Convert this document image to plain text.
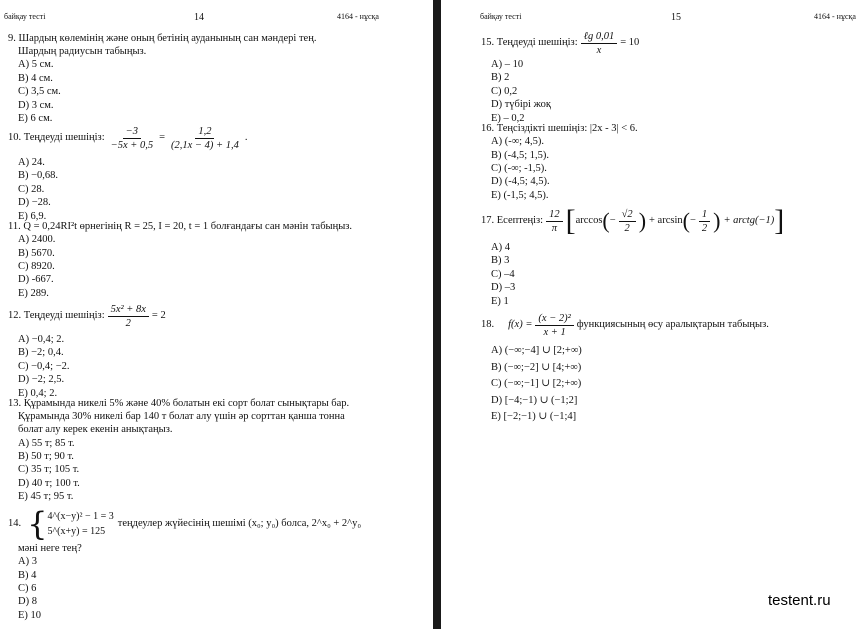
байқау тесті	14	4164 - нұсқа
9. Шардың көлемінің және оның бетінің ауданының сан мәндері тең.
Шардың радиусын табыңыз.
A) 5 см.
B) 4 см.
C) 3,5 см.
D) 3 см.
E) 6 см.
10. Теңдеуді шешіңіз: $\frac{-3}{-5x + 0,5} = \frac{1,2}{(2,1x - 4) + 1,4}$ .
A) 24.
B) −0,68.
C) 28.
D) −28.
E) 6,9.
11. Q = 0,24RI²t өрнегінің R = 25, I = 20, t = 1 болғандағы сан мәнін табыңыз.
A) 2400.
B) 5670.
C) 8920.
D) -667.
E) 289.
12. Теңдеуді шешіңіз: $\frac{\text{5x² + 8x}}{2} = 2$
A) −0,4; 2.
B) −2; 0,4.
C) −0,4; −2.
D) −2; 2,5.
E) 0,4; 2.
13. Құрамында никелі 5% және 40% болатын екі сорт болат сынықтары бар.
Құрамында 30% никелі бар 140 т болат алу үшін әр сорттан қанша тонна
болат алу керек екенін анықтаңыз.
A) 55 т; 85 т.
B) 50 т; 90 т.
C) 35 т; 105 т.
D) 40 т; 100 т.
E) 45 т; 95 т.
14. { 4^(x−y)² − 1 = 3
5^(x+y) = 125
теңдеулер жүйесінің шешімі (x₀; y₀) болса, 2^x₀ + 2^y₀
мәні неге тең?
A) 3
B) 4
C) 6
D) 8
E) 10
байқау тесті	15	4164 - нұсқа
15. Теңдеуді шешіңіз: $\frac{\text{ℓg 0,01}}{x} = 10$
A) – 10
B) 2
C) 0,2
D) түбірі жоқ
E) – 0,2
16. Теңсіздікті шешіңіз: |2x - 3| < 6.
A) (-∞; 4,5).
B) (-4,5; 1,5).
C) (-∞; -1,5).
D) (-4,5; 4,5).
E) (-1,5; 4,5).
17. Есептеңіз: $\frac{12}{\pi}$ [ arccos ( − $\frac{√2}{2}$ ) + arcsin ( − $\frac{1}{2}$ ) + arctg(−1) ]
A) 4
B) 3
C) –4
D) –3
E) 1
18. $f(x) = \frac{\text{(x − 2)²}}{x + 1}$ функциясының өсу аралықтарын табыңыз.
A) (−∞;−4] ∪ [2;+∞)
B) (−∞;−2] ∪ [4;+∞)
C) (−∞;−1] ∪ [2;+∞)
D) [−4;−1) ∪ (−1;2]
E) [−2;−1) ∪ (−1;4]
testent.ru
